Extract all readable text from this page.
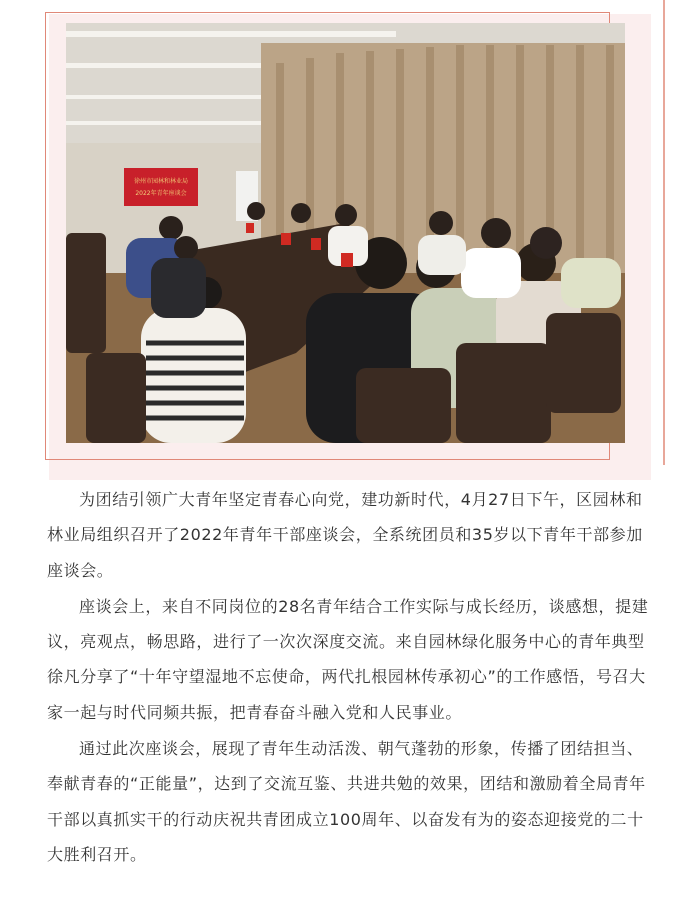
徐州市园林和林业局
2022年青年座谈会

为团结引领广大青年坚定青春心向党，建功新时代，4月27日下午，区园林和林业局组织召开了2022年青年干部座谈会，全系统团员和35岁以下青年干部参加座谈会。

座谈会上，来自不同岗位的28名青年结合工作实际与成长经历，谈感想，提建议，亮观点，畅思路，进行了一次次深度交流。来自园林绿化服务中心的青年典型徐凡分享了“十年守望湿地不忘使命，两代扎根园林传承初心”的工作感悟，号召大家一起与时代同频共振，把青春奋斗融入党和人民事业。

通过此次座谈会，展现了青年生动活泼、朝气蓬勃的形象，传播了团结担当、奉献青春的“正能量”，达到了交流互鉴、共进共勉的效果，团结和激励着全局青年干部以真抓实干的行动庆祝共青团成立100周年、以奋发有为的姿态迎接党的二十大胜利召开。
